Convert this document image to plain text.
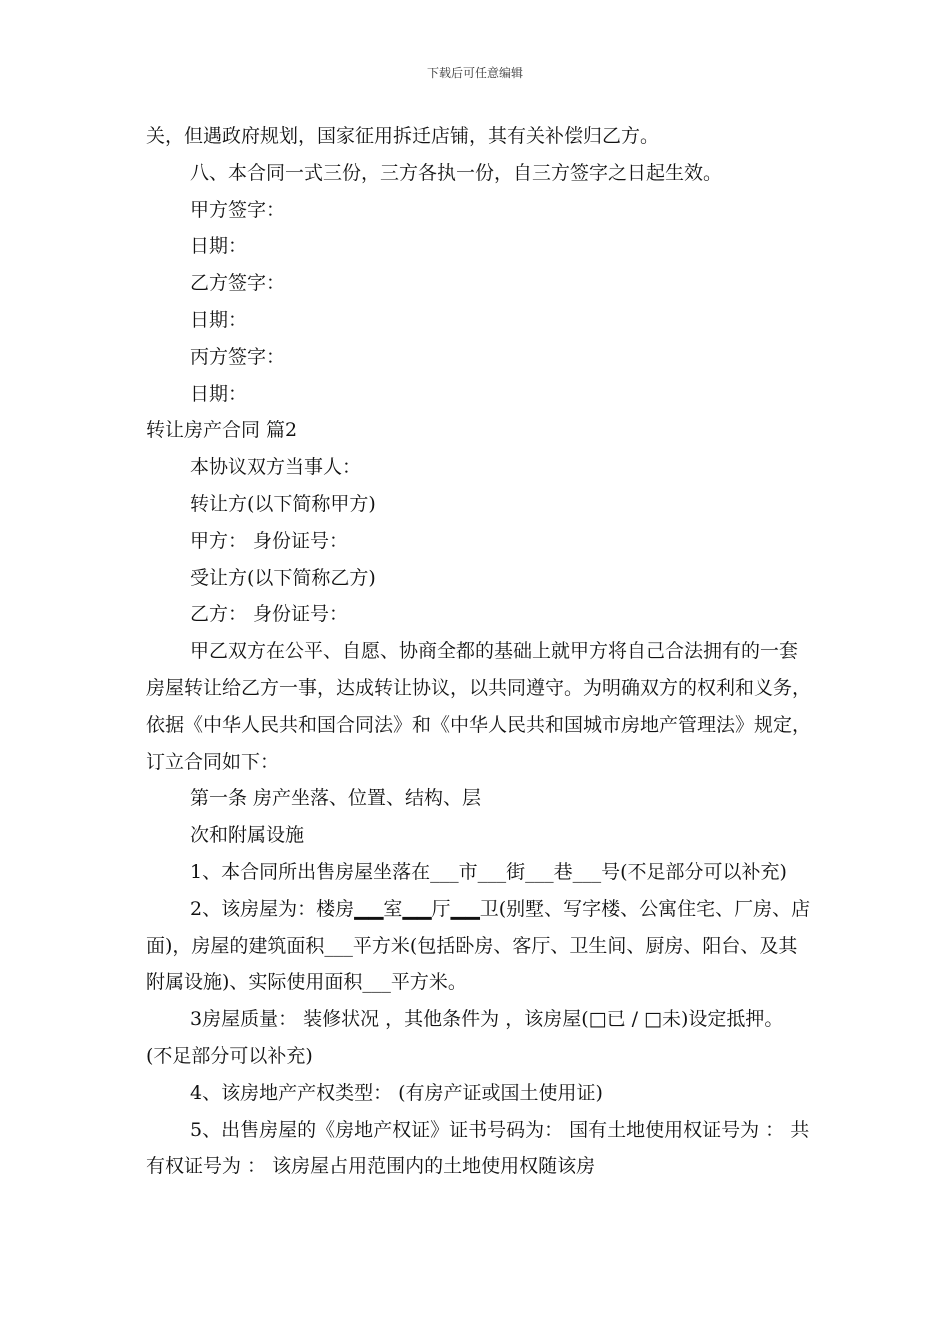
下载后可任意编辑

关，但遇政府规划，国家征用拆迁店铺，其有关补偿归乙方。

八、本合同一式三份，三方各执一份，自三方签字之日起生效。

甲方签字：

日期：

乙方签字：

日期：

丙方签字：

日期：

转让房产合同 篇2

本协议双方当事人：

转让方(以下简称甲方)

甲方： 身份证号：

受让方(以下简称乙方)

乙方： 身份证号：

甲乙双方在公平、自愿、协商全都的基础上就甲方将自己合法拥有的一套房屋转让给乙方一事，达成转让协议，以共同遵守。为明确双方的权利和义务，依据《中华人民共和国合同法》和《中华人民共和国城市房地产管理法》规定，订立合同如下：

第一条 房产坐落、位置、结构、层

次和附属设施

1、本合同所出售房屋坐落在___市___街___巷___号(不足部分可以补充)

2、该房屋为：楼房▁▁室▁▁厅▁▁卫(别墅、写字楼、公寓住宅、厂房、店面)，房屋的建筑面积___平方米(包括卧房、客厅、卫生间、厨房、阳台、及其附属设施)、实际使用面积___平方米。

3房屋质量： 装修状况 ，其他条件为 ，该房屋(□已 / □未)设定抵押。 (不足部分可以补充)

4、该房地产产权类型： (有房产证或国土使用证)

5、出售房屋的《房地产权证》证书号码为： 国有土地使用权证号为 ： 共有权证号为 ： 该房屋占用范围内的土地使用权随该房
